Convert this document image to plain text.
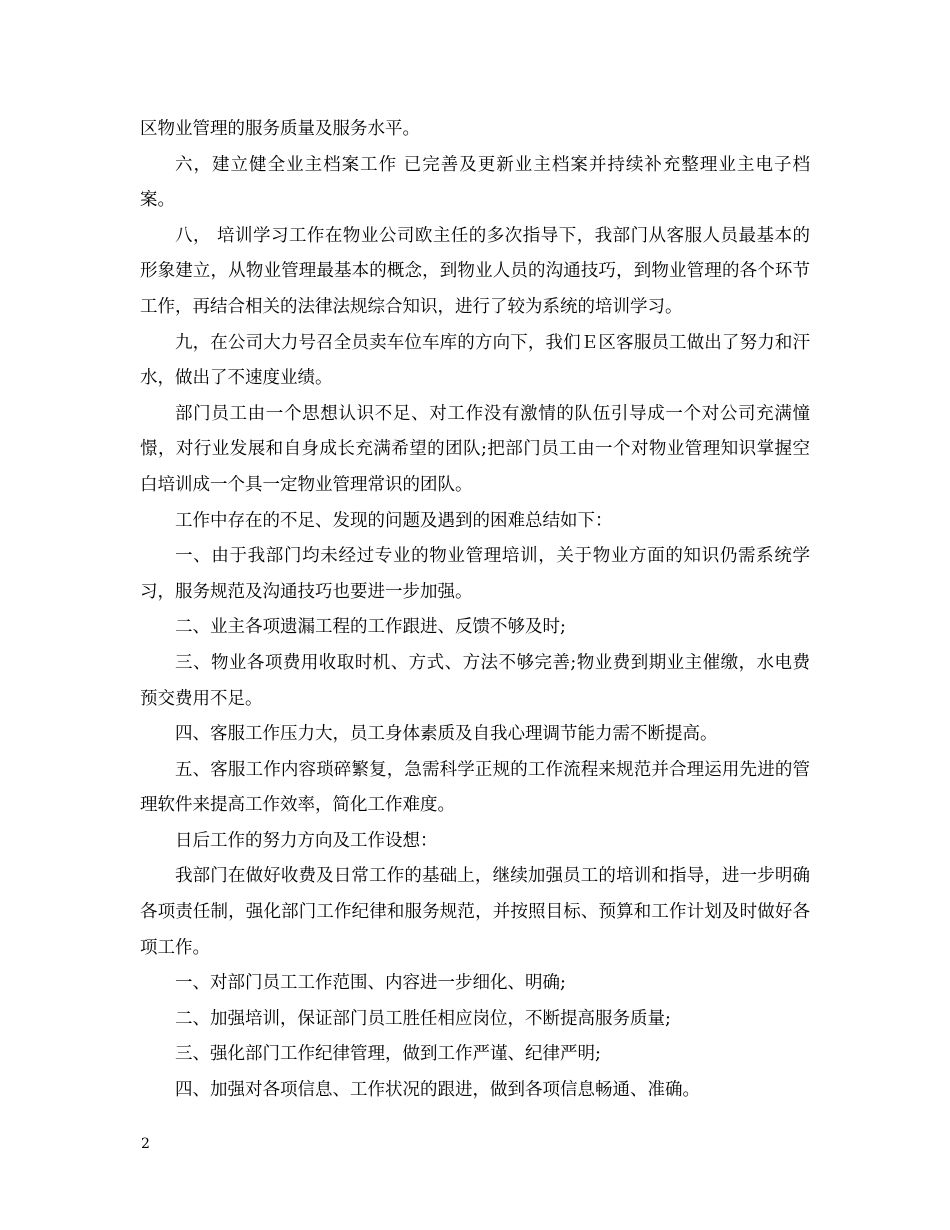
区物业管理的服务质量及服务水平。

六，建立健全业主档案工作 已完善及更新业主档案并持续补充整理业主电子档案。

八， 培训学习工作在物业公司欧主任的多次指导下，我部门从客服人员最基本的形象建立，从物业管理最基本的概念，到物业人员的沟通技巧，到物业管理的各个环节工作，再结合相关的法律法规综合知识，进行了较为系统的培训学习。

九，在公司大力号召全员卖车位车库的方向下，我们Ｅ区客服员工做出了努力和汗水，做出了不速度业绩。

部门员工由一个思想认识不足、对工作没有激情的队伍引导成一个对公司充满憧憬，对行业发展和自身成长充满希望的团队;把部门员工由一个对物业管理知识掌握空白培训成一个具一定物业管理常识的团队。

工作中存在的不足、发现的问题及遇到的困难总结如下：

一、由于我部门均未经过专业的物业管理培训，关于物业方面的知识仍需系统学习，服务规范及沟通技巧也要进一步加强。

二、业主各项遗漏工程的工作跟进、反馈不够及时;

三、物业各项费用收取时机、方式、方法不够完善;物业费到期业主催缴，水电费预交费用不足。

四、客服工作压力大，员工身体素质及自我心理调节能力需不断提高。

五、客服工作内容琐碎繁复，急需科学正规的工作流程来规范并合理运用先进的管理软件来提高工作效率，简化工作难度。

日后工作的努力方向及工作设想：

我部门在做好收费及日常工作的基础上，继续加强员工的培训和指导，进一步明确各项责任制，强化部门工作纪律和服务规范，并按照目标、预算和工作计划及时做好各项工作。

一、对部门员工工作范围、内容进一步细化、明确;

二、加强培训，保证部门员工胜任相应岗位，不断提高服务质量;

三、强化部门工作纪律管理，做到工作严谨、纪律严明;

四、加强对各项信息、工作状况的跟进，做到各项信息畅通、准确。

2
